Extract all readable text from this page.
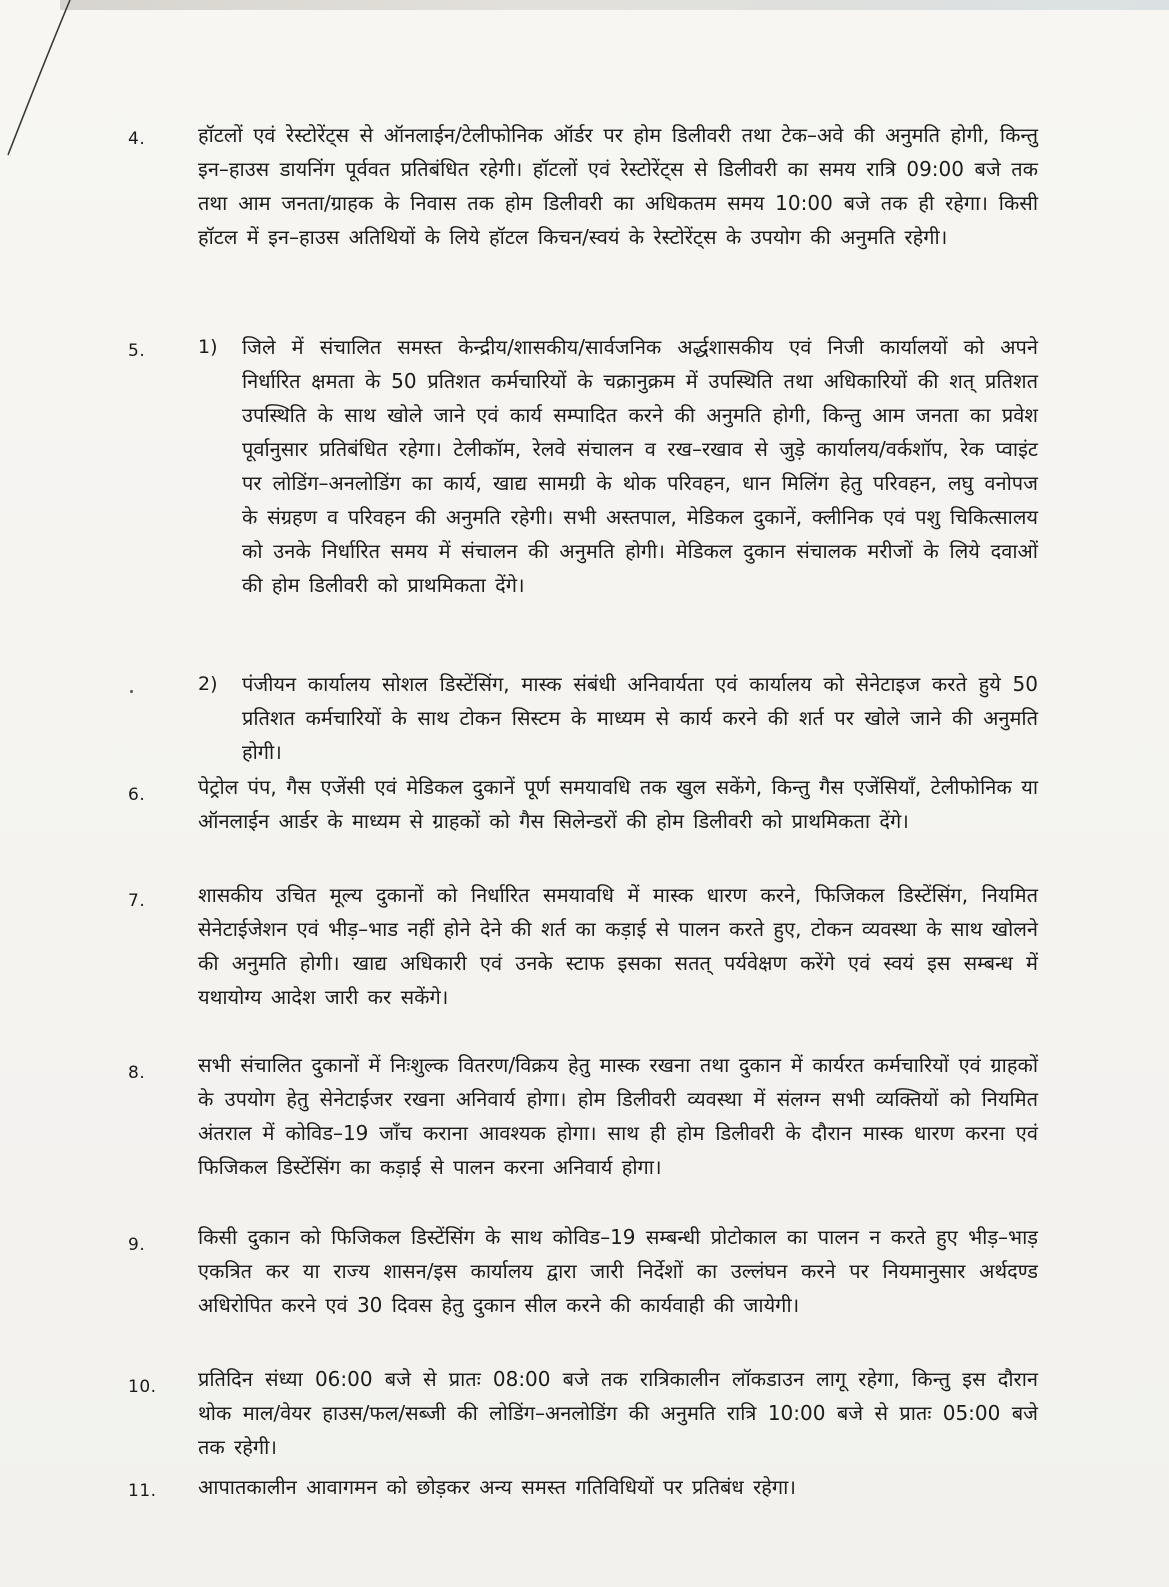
4.	हॉटलों एवं रेस्टोरेंट्स से ऑनलाईन/टेलीफोनिक ऑर्डर पर होम डिलीवरी तथा टेक–अवे की अनुमति होगी, किन्तु इन–हाउस डायनिंग पूर्ववत प्रतिबंधित रहेगी। हॉटलों एवं रेस्टोरेंट्स से डिलीवरी का समय रात्रि 09:00 बजे तक तथा आम जनता/ग्राहक के निवास तक होम डिलीवरी का अधिकतम समय 10:00 बजे तक ही रहेगा। किसी हॉटल में इन–हाउस अतिथियों के लिये हॉटल किचन/स्वयं के रेस्टोरेंट्स के उपयोग की अनुमति रहेगी।
5.	1) जिले में संचालित समस्त केन्द्रीय/शासकीय/सार्वजनिक अर्द्धशासकीय एवं निजी कार्यालयों को अपने निर्धारित क्षमता के 50 प्रतिशत कर्मचारियों के चक्रानुक्रम में उपस्थिति तथा अधिकारियों की शत् प्रतिशत उपस्थिति के साथ खोले जाने एवं कार्य सम्पादित करने की अनुमति होगी, किन्तु आम जनता का प्रवेश पूर्वानुसार प्रतिबंधित रहेगा। टेलीकॉम, रेलवे संचालन व रख–रखाव से जुड़े कार्यालय/वर्कशॉप, रेक प्वाइंट पर लोडिंग–अनलोडिंग का कार्य, खाद्य सामग्री के थोक परिवहन, धान मिलिंग हेतु परिवहन, लघु वनोपज के संग्रहण व परिवहन की अनुमति रहेगी। सभी अस्तपाल, मेडिकल दुकानें, क्लीनिक एवं पशु चिकित्सालय को उनके निर्धारित समय में संचालन की अनुमति होगी। मेडिकल दुकान संचालक मरीजों के लिये दवाओं की होम डिलीवरी को प्राथमिकता देंगे।
2) पंजीयन कार्यालय सोशल डिस्टेंसिंग, मास्क संबंधी अनिवार्यता एवं कार्यालय को सेनेटाइज करते हुये 50 प्रतिशत कर्मचारियों के साथ टोकन सिस्टम के माध्यम से कार्य करने की शर्त पर खोले जाने की अनुमति होगी।
6.	पेट्रोल पंप, गैस एजेंसी एवं मेडिकल दुकानें पूर्ण समयावधि तक खुल सकेंगे, किन्तु गैस एजेंसियाँ, टेलीफोनिक या ऑनलाईन आर्डर के माध्यम से ग्राहकों को गैस सिलेन्डरों की होम डिलीवरी को प्राथमिकता देंगे।
7.	शासकीय उचित मूल्य दुकानों को निर्धारित समयावधि में मास्क धारण करने, फिजिकल डिस्टेंसिंग, नियमित सेनेटाईजेशन एवं भीड़–भाड नहीं होने देने की शर्त का कड़ाई से पालन करते हुए, टोकन व्यवस्था के साथ खोलने की अनुमति होगी। खाद्य अधिकारी एवं उनके स्टाफ इसका सतत् पर्यवेक्षण करेंगे एवं स्वयं इस सम्बन्ध में यथायोग्य आदेश जारी कर सकेंगे।
8.	सभी संचालित दुकानों में निःशुल्क वितरण/विक्रय हेतु मास्क रखना तथा दुकान में कार्यरत कर्मचारियों एवं ग्राहकों के उपयोग हेतु सेनेटाईजर रखना अनिवार्य होगा। होम डिलीवरी व्यवस्था में संलग्न सभी व्यक्तियों को नियमित अंतराल में कोविड–19 जाँच कराना आवश्यक होगा। साथ ही होम डिलीवरी के दौरान मास्क धारण करना एवं फिजिकल डिस्टेंसिंग का कड़ाई से पालन करना अनिवार्य होगा।
9.	किसी दुकान को फिजिकल डिस्टेंसिंग के साथ कोविड–19 सम्बन्धी प्रोटोकाल का पालन न करते हुए भीड़–भाड़ एकत्रित कर या राज्य शासन/इस कार्यालय द्वारा जारी निर्देशों का उल्लंघन करने पर नियमानुसार अर्थदण्ड अधिरोपित करने एवं 30 दिवस हेतु दुकान सील करने की कार्यवाही की जायेगी।
10. प्रतिदिन संध्या 06:00 बजे से प्रातः 08:00 बजे तक रात्रिकालीन लॉकडाउन लागू रहेगा, किन्तु इस दौरान थोक माल/वेयर हाउस/फल/सब्जी की लोडिंग–अनलोडिंग की अनुमति रात्रि 10:00 बजे से प्रातः 05:00 बजे तक रहेगी।
11. आपातकालीन आवागमन को छोड़कर अन्य समस्त गतिविधियों पर प्रतिबंध रहेगा।
